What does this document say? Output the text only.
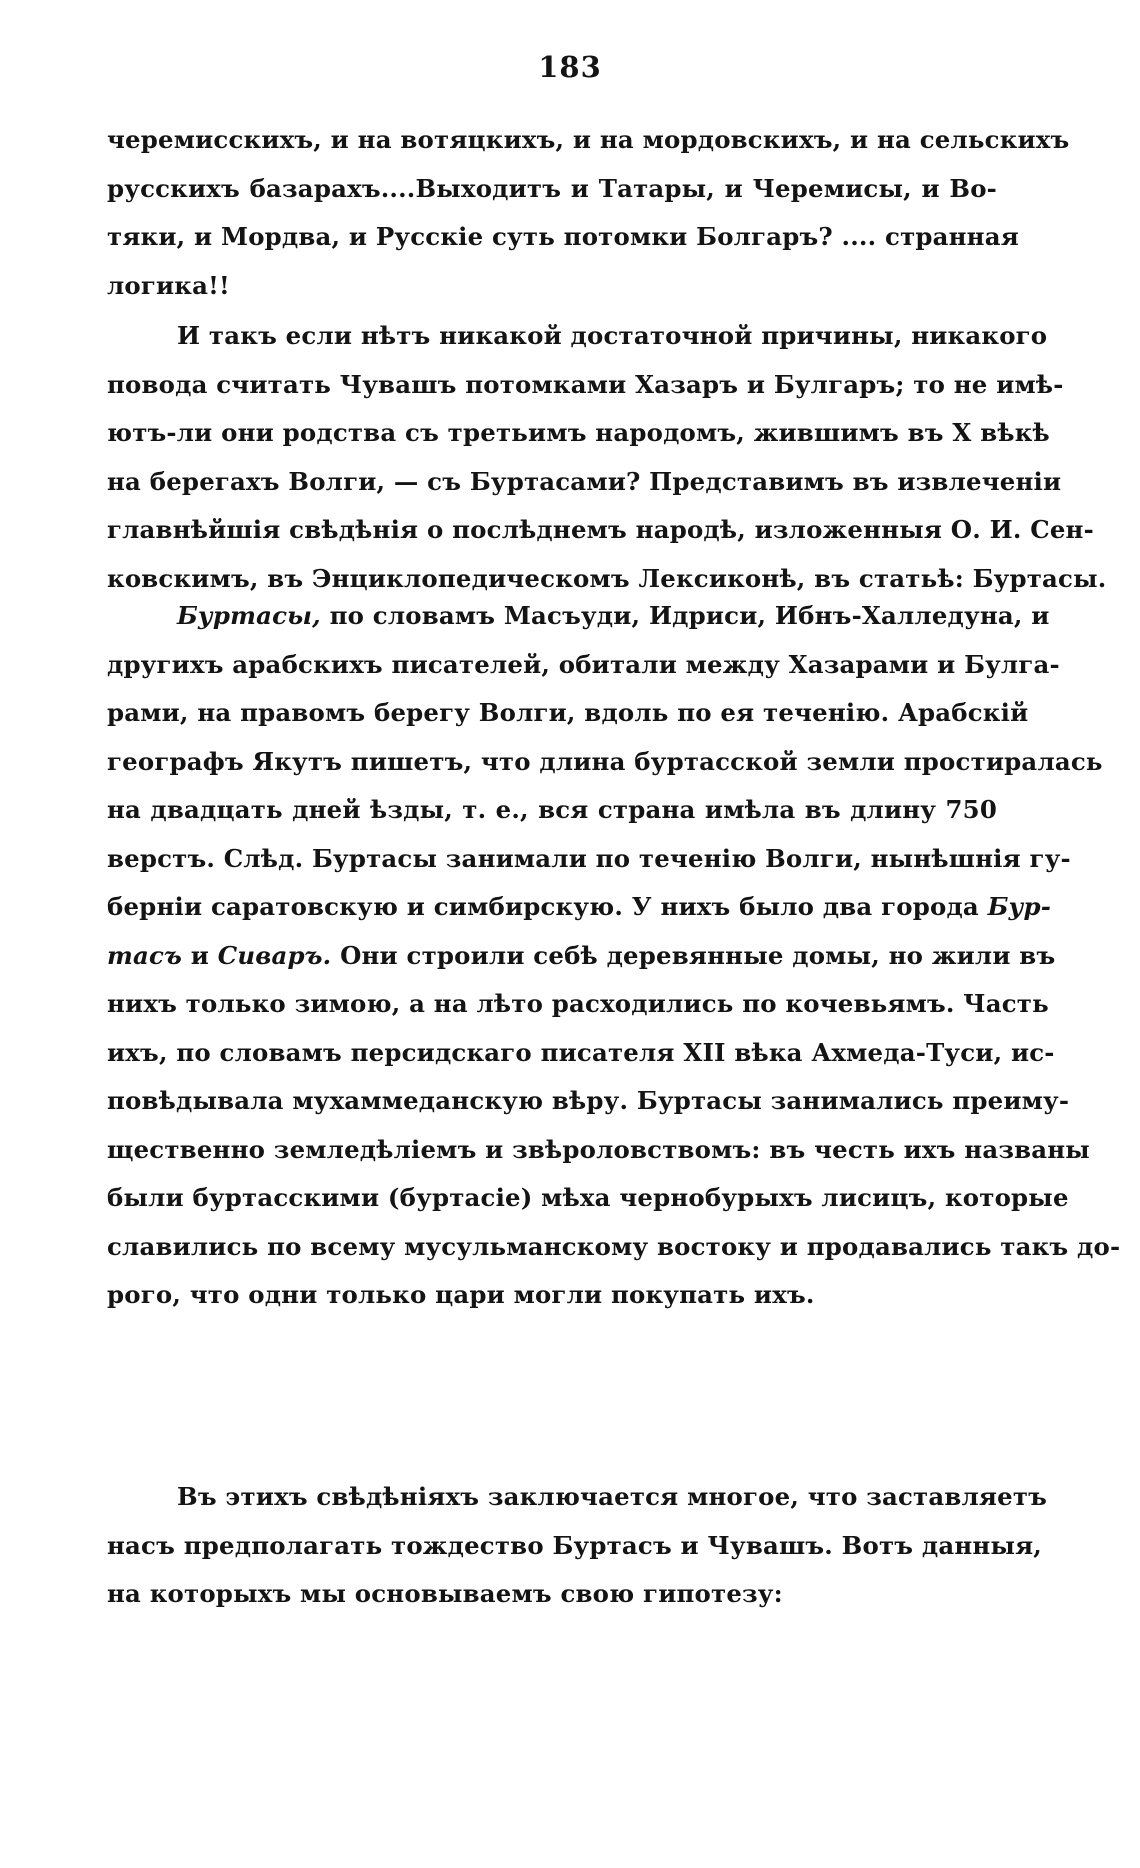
183
черемисскихъ, и на вотяцкихъ, и на мордовскихъ, и на сельскихъ
русскихъ базарахъ....Выходитъ и Татары, и Черемисы, и Во-
тяки, и Мордва, и Русскіе суть потомки Болгаръ? .... странная
логика!!
И такъ если нѣтъ никакой достаточной причины, никакого
повода считать Чувашъ потомками Хазаръ и Булгаръ; то не имѣ-
ютъ-ли они родства съ третьимъ народомъ, жившимъ въ X вѣкѣ
на берегахъ Волги, — съ Буртасами? Представимъ въ извлеченіи
главнѣйшія свѣдѣнія о послѣднемъ народѣ, изложенныя О. И. Сен-
ковскимъ, въ Энциклопедическомъ Лексиконѣ, въ статьѣ: Буртасы.
Буртасы, по словамъ Масъуди, Идриси, Ибнъ-Халледуна, и
другихъ арабскихъ писателей, обитали между Хазарами и Булга-
рами, на правомъ берегу Волги, вдоль по ея теченію. Арабскій
географъ Якутъ пишетъ, что длина буртасской земли простиралась
на двадцать дней ѣзды, т. е., вся страна имѣла въ длину 750
верстъ. Слѣд. Буртасы занимали по теченію Волги, нынѣшнія гу-
берніи саратовскую и симбирскую. У нихъ было два города Бур-
тасъ и Сиваръ. Они строили себѣ деревянные домы, но жили въ
нихъ только зимою, а на лѣто расходились по кочевьямъ. Часть
ихъ, по словамъ персидскаго писателя XII вѣка Ахмеда-Туси, ис-
повѣдывала мухаммеданскую вѣру. Буртасы занимались преиму-
щественно земледѣліемъ и звѣроловствомъ: въ честь ихъ названы
были буртасскими (буртасіе) мѣха чернобурыхъ лисицъ, которые
славились по всему мусульманскому востоку и продавались такъ до-
рого, что одни только цари могли покупать ихъ.
Въ этихъ свѣдѣніяхъ заключается многое, что заставляетъ
насъ предполагать тождество Буртасъ и Чувашъ. Вотъ данныя,
на которыхъ мы основываемъ свою гипотезу:
